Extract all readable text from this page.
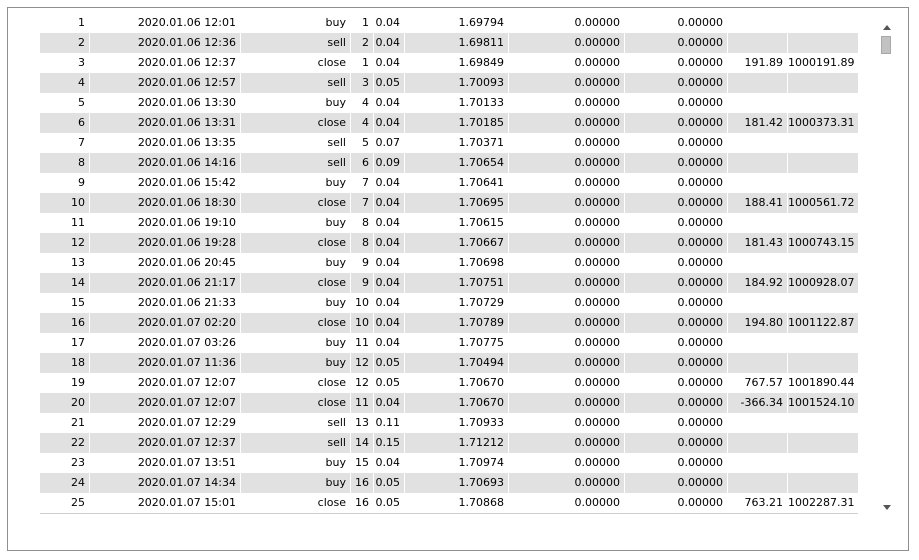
1	2020.01.06 12:01	buy	1 0.04	1.69794	0.00000	0.00000
2	2020.01.06 12:36	sell	2 0.04	1.69811	0.00000	0.00000
3	2020.01.06 12:37	close	1 0.04	1.69849	0.00000	0.00000	191.89 1000191.89
4	2020.01.06 12:57	sell	3 0.05	1.70093	0.00000	0.00000
5	2020.01.06 13:30	buy	4 0.04	1.70133	0.00000	0.00000
6	2020.01.06 13:31	close	4 0.04	1.70185	0.00000	0.00000	181.42 1000373.31
7	2020.01.06 13:35	sell	5 0.07	1.70371	0.00000	0.00000
8	2020.01.06 14:16	sell	6 0.09	1.70654	0.00000	0.00000
9	2020.01.06 15:42	buy	7 0.04	1.70641	0.00000	0.00000
10	2020.01.06 18:30	close	7 0.04	1.70695	0.00000	0.00000	188.41 1000561.72
11	2020.01.06 19:10	buy	8 0.04	1.70615	0.00000	0.00000
12	2020.01.06 19:28	close	8 0.04	1.70667	0.00000	0.00000	181.43 1000743.15
13	2020.01.06 20:45	buy	9 0.04	1.70698	0.00000	0.00000
14	2020.01.06 21:17	close	9 0.04	1.70751	0.00000	0.00000	184.92 1000928.07
15	2020.01.06 21:33	buy 10 0.04	1.70729	0.00000	0.00000
16	2020.01.07 02:20	close 10 0.04	1.70789	0.00000	0.00000	194.80 1001122.87
17	2020.01.07 03:26	buy 11 0.04	1.70775	0.00000	0.00000
18	2020.01.07 11:36	buy 12 0.05	1.70494	0.00000	0.00000
19	2020.01.07 12:07	close 12 0.05	1.70670	0.00000	0.00000	767.57 1001890.44
20	2020.01.07 12:07	close 11 0.04	1.70670	0.00000	0.00000	-366.34 1001524.10
21	2020.01.07 12:29	sell 13 0.11	1.70933	0.00000	0.00000
22	2020.01.07 12:37	sell 14 0.15	1.71212	0.00000	0.00000
23	2020.01.07 13:51	buy 15 0.04	1.70974	0.00000	0.00000
24	2020.01.07 14:34	buy 16 0.05	1.70693	0.00000	0.00000
25	2020.01.07 15:01	close 16 0.05	1.70868	0.00000	0.00000	763.21 1002287.31
